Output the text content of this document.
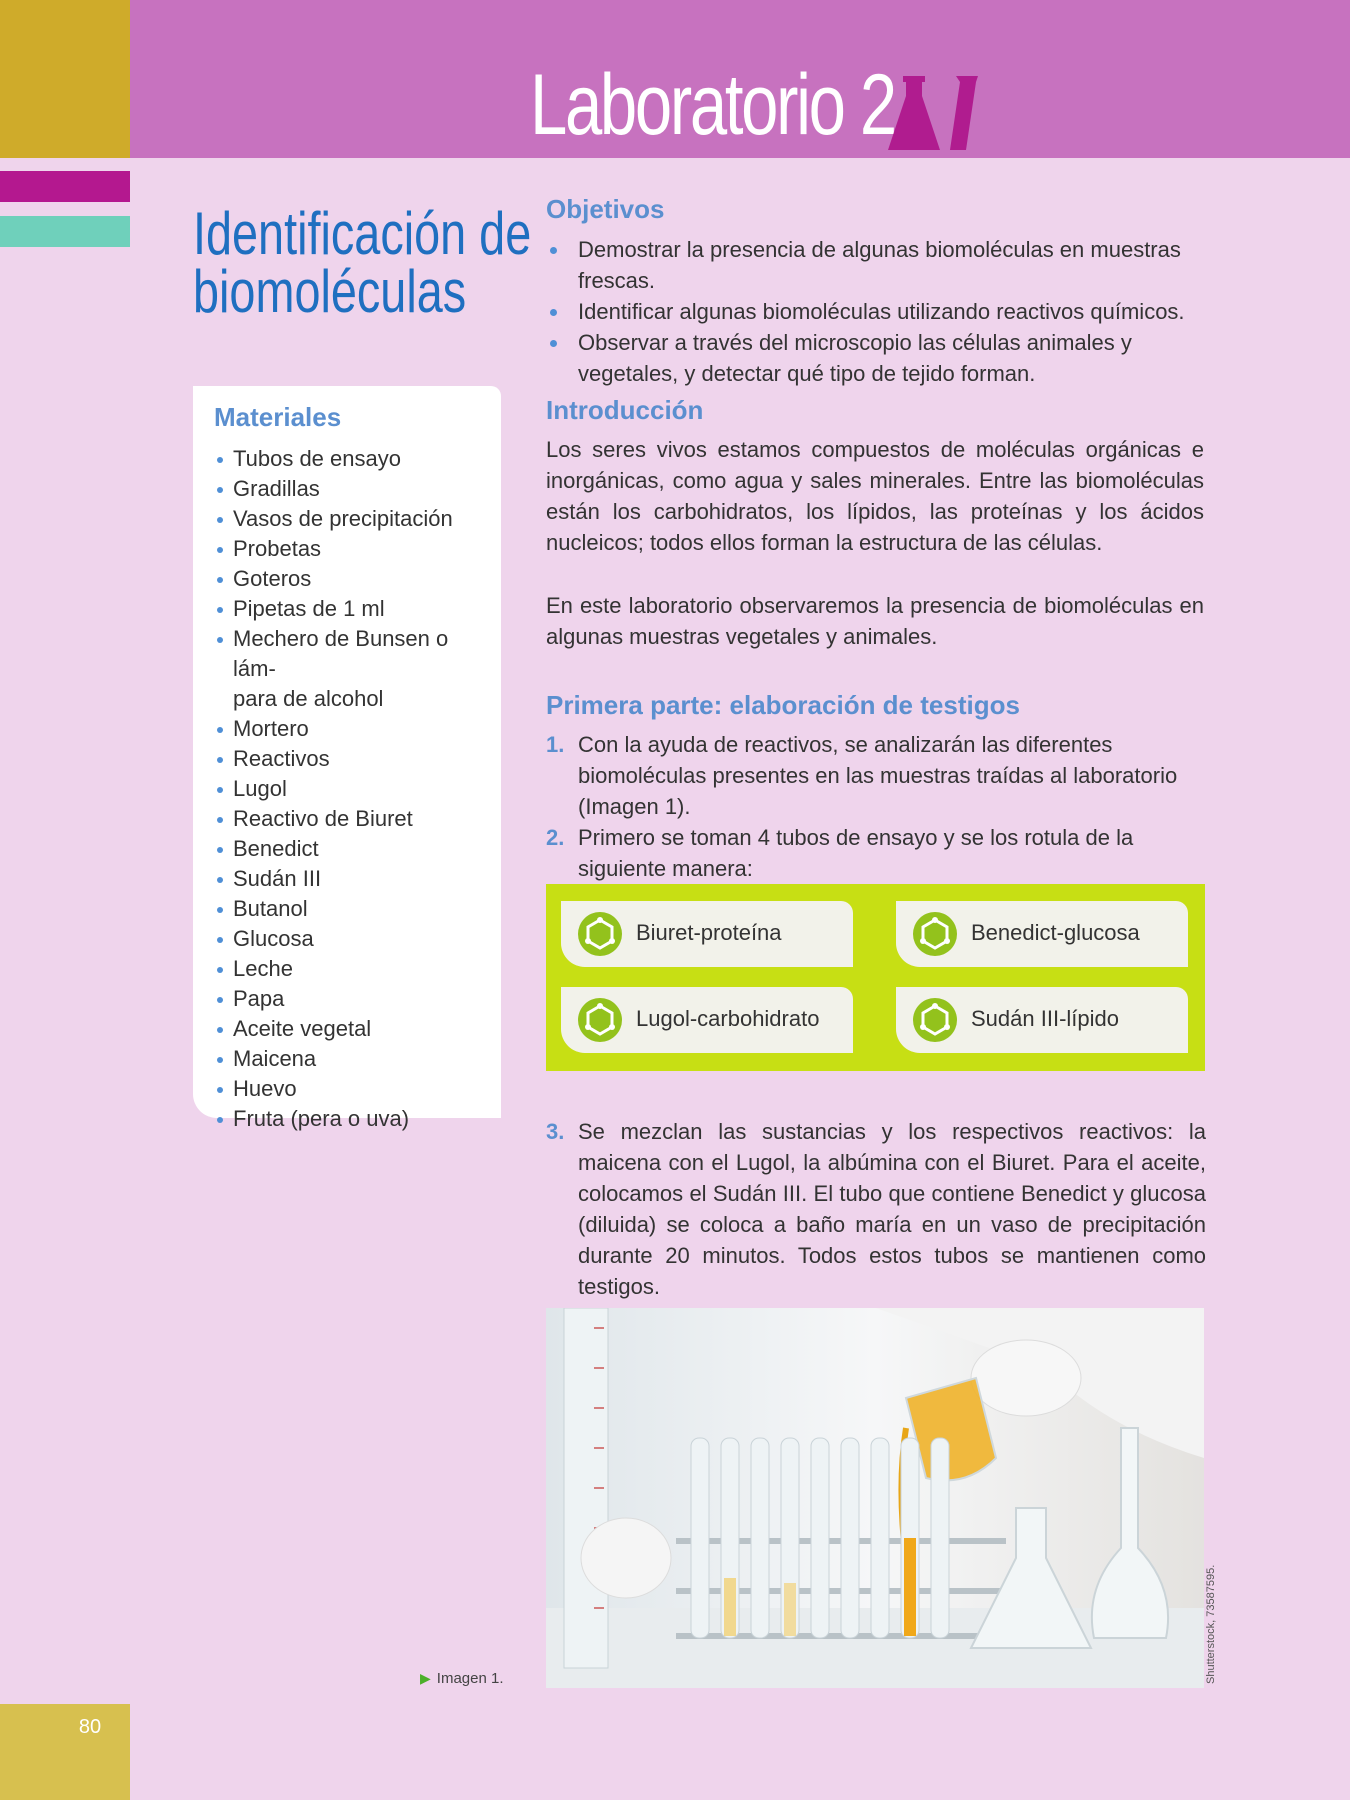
80
Laboratorio 2
Identificación de
biomoléculas
Materiales
Tubos de ensayo
Gradillas
Vasos de precipitación
Probetas
Goteros
Pipetas de 1 ml
Mechero de Bunsen o lám-
para de alcohol
Mortero
Reactivos
Lugol
Reactivo de Biuret
Benedict
Sudán III
Butanol
Glucosa
Leche
Papa
Aceite vegetal
Maicena
Huevo
Fruta (pera o uva)
Objetivos
Demostrar la presencia de algunas biomoléculas en muestras frescas.
Identificar algunas biomoléculas utilizando reactivos químicos.
Observar a través del microscopio las células animales y vegetales, y detectar qué tipo de tejido forman.
Introducción

Los seres vivos estamos compuestos de moléculas orgánicas e inorgánicas, como agua y sales minerales. Entre las biomoléculas están los carbohidratos, los lípidos, las proteínas y los ácidos nucleicos; todos ellos forman la estructura de las células.

En este laboratorio observaremos la presencia de biomoléculas en algunas muestras vegetales y animales.

Primera parte: elaboración de testigos
1. Con la ayuda de reactivos, se analizarán las diferentes biomoléculas presentes en las muestras traídas al laboratorio (Imagen 1).
2. Primero se toman 4 tubos de ensayo y se los rotula de la siguiente manera:
Biuret-proteína	Benedict-glucosa
Lugol-carbohidrato	Sudán III-lípido
3. Se mezclan las sustancias y los respectivos reactivos: la maicena con el Lugol, la albúmina con el Biuret. Para el aceite, colocamos el Sudán III. El tubo que contiene Benedict y glucosa (diluida) se coloca a baño maría en un vaso de precipitación durante 20 minutos. Todos estos tubos se mantienen como testigos.
Shutterstock, 73587595.
▶ Imagen 1.
